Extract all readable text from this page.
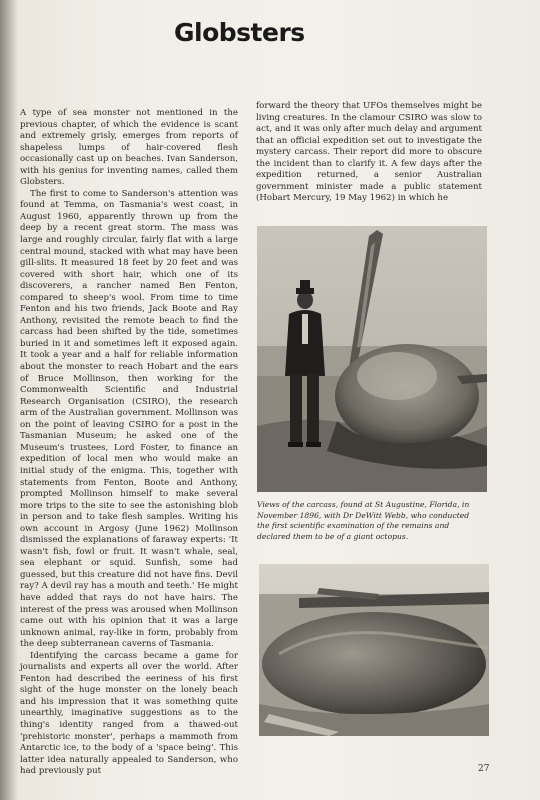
Globsters

A type of sea monster not mentioned in the previous chapter, of which the evidence is scant and extremely grisly, emerges from reports of shapeless lumps of hair-covered flesh occasionally cast up on beaches. Ivan Sanderson, with his genius for inventing names, called them Globsters.

The first to come to Sanderson's attention was found at Temma, on Tasmania's west coast, in August 1960, apparently thrown up from the deep by a recent great storm. The mass was large and roughly circular, fairly flat with a large central mound, stacked with what may have been gill-slits. It measured 18 feet by 20 feet and was covered with short hair, which one of its discoverers, a rancher named Ben Fenton, compared to sheep's wool. From time to time Fenton and his two friends, Jack Boote and Ray Anthony, revisited the remote beach to find the carcass had been shifted by the tide, sometimes buried in it and sometimes left it exposed again. It took a year and a half for reliable information about the monster to reach Hobart and the ears of Bruce Mollinson, then working for the Commonwealth Scientific and Industrial Research Organisation (CSIRO), the research arm of the Australian government. Mollinson was on the point of leaving CSIRO for a post in the Tasmanian Museum; he asked one of the Museum's trustees, Lord Foster, to finance an expedition of local men who would make an initial study of the enigma. This, together with statements from Fenton, Boote and Anthony, prompted Mollinson himself to make several more trips to the site to see the astonishing blob in person and to take flesh samples. Writing his own account in Argosy (June 1962) Mollinson dismissed the explanations of faraway experts: 'It wasn't fish, fowl or fruit. It wasn't whale, seal, sea elephant or squid. Sunfish, some had guessed, but this creature did not have fins. Devil ray? A devil ray has a mouth and teeth.' He might have added that rays do not have hairs. The interest of the press was aroused when Mollinson came out with his opinion that it was a large unknown animal, ray-like in form, probably from the deep subterranean caverns of Tasmania.

Identifying the carcass became a game for journalists and experts all over the world. After Fenton had described the eeriness of his first sight of the huge monster on the lonely beach and his impression that it was something quite unearthly, imaginative suggestions as to the thing's identity ranged from a thawed-out 'prehistoric monster', perhaps a mammoth from Antarctic ice, to the body of a 'space being'. This latter idea naturally appealed to Sanderson, who had previously put

forward the theory that UFOs themselves might be living creatures. In the clamour CSIRO was slow to act, and it was only after much delay and argument that an official expedition set out to investigate the mystery carcass. Their report did more to obscure the incident than to clarify it. A few days after the expedition returned, a senior Australian government minister made a public statement (Hobart Mercury, 19 May 1962) in which he

Views of the carcass, found at St Augustine, Florida, in November 1896, with Dr DeWitt Webb, who conducted the first scientific examination of the remains and declared them to be of a giant octopus.
27
